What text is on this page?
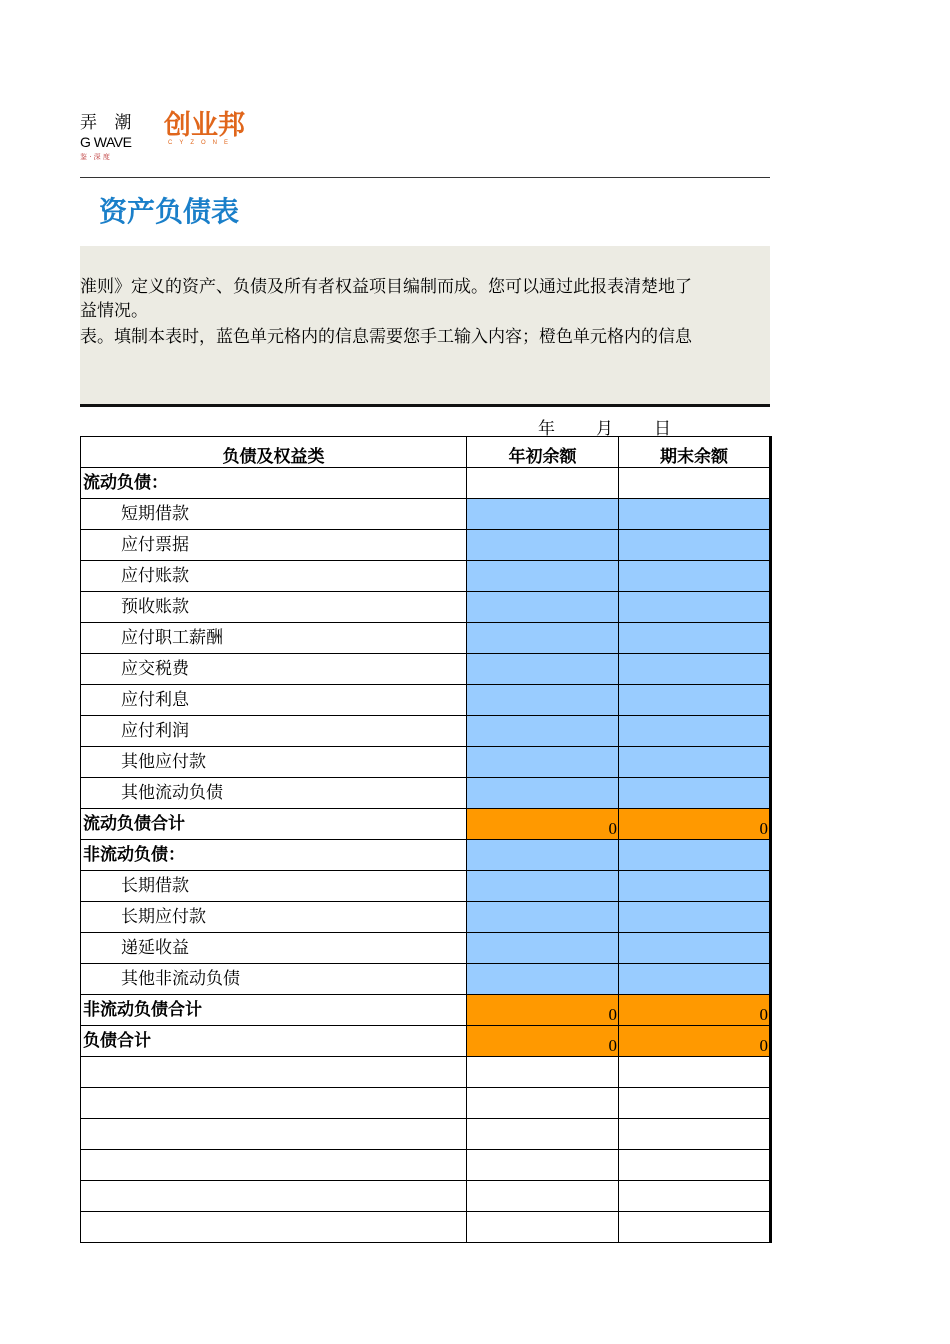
弄 潮
G WAVE
鉴 · 深 度
创业邦
CYZONE
资产负债表
淮则》定义的资产、负债及所有者权益项目编制而成。您可以通过此报表清楚地了
益情况。
表。填制本表时，蓝色单元格内的信息需要您手工输入内容；橙色单元格内的信息
年 月 日
负债及权益类	年初余额	期末余额
流动负债：		
短期借款		
应付票据		
应付账款		
预收账款		
应付职工薪酬		
应交税费		
应付利息		
应付利润		
其他应付款		
其他流动负债		
流动负债合计	0	0
非流动负债：		
长期借款		
长期应付款		
递延收益		
其他非流动负债		
非流动负债合计	0	0
负债合计	0	0
